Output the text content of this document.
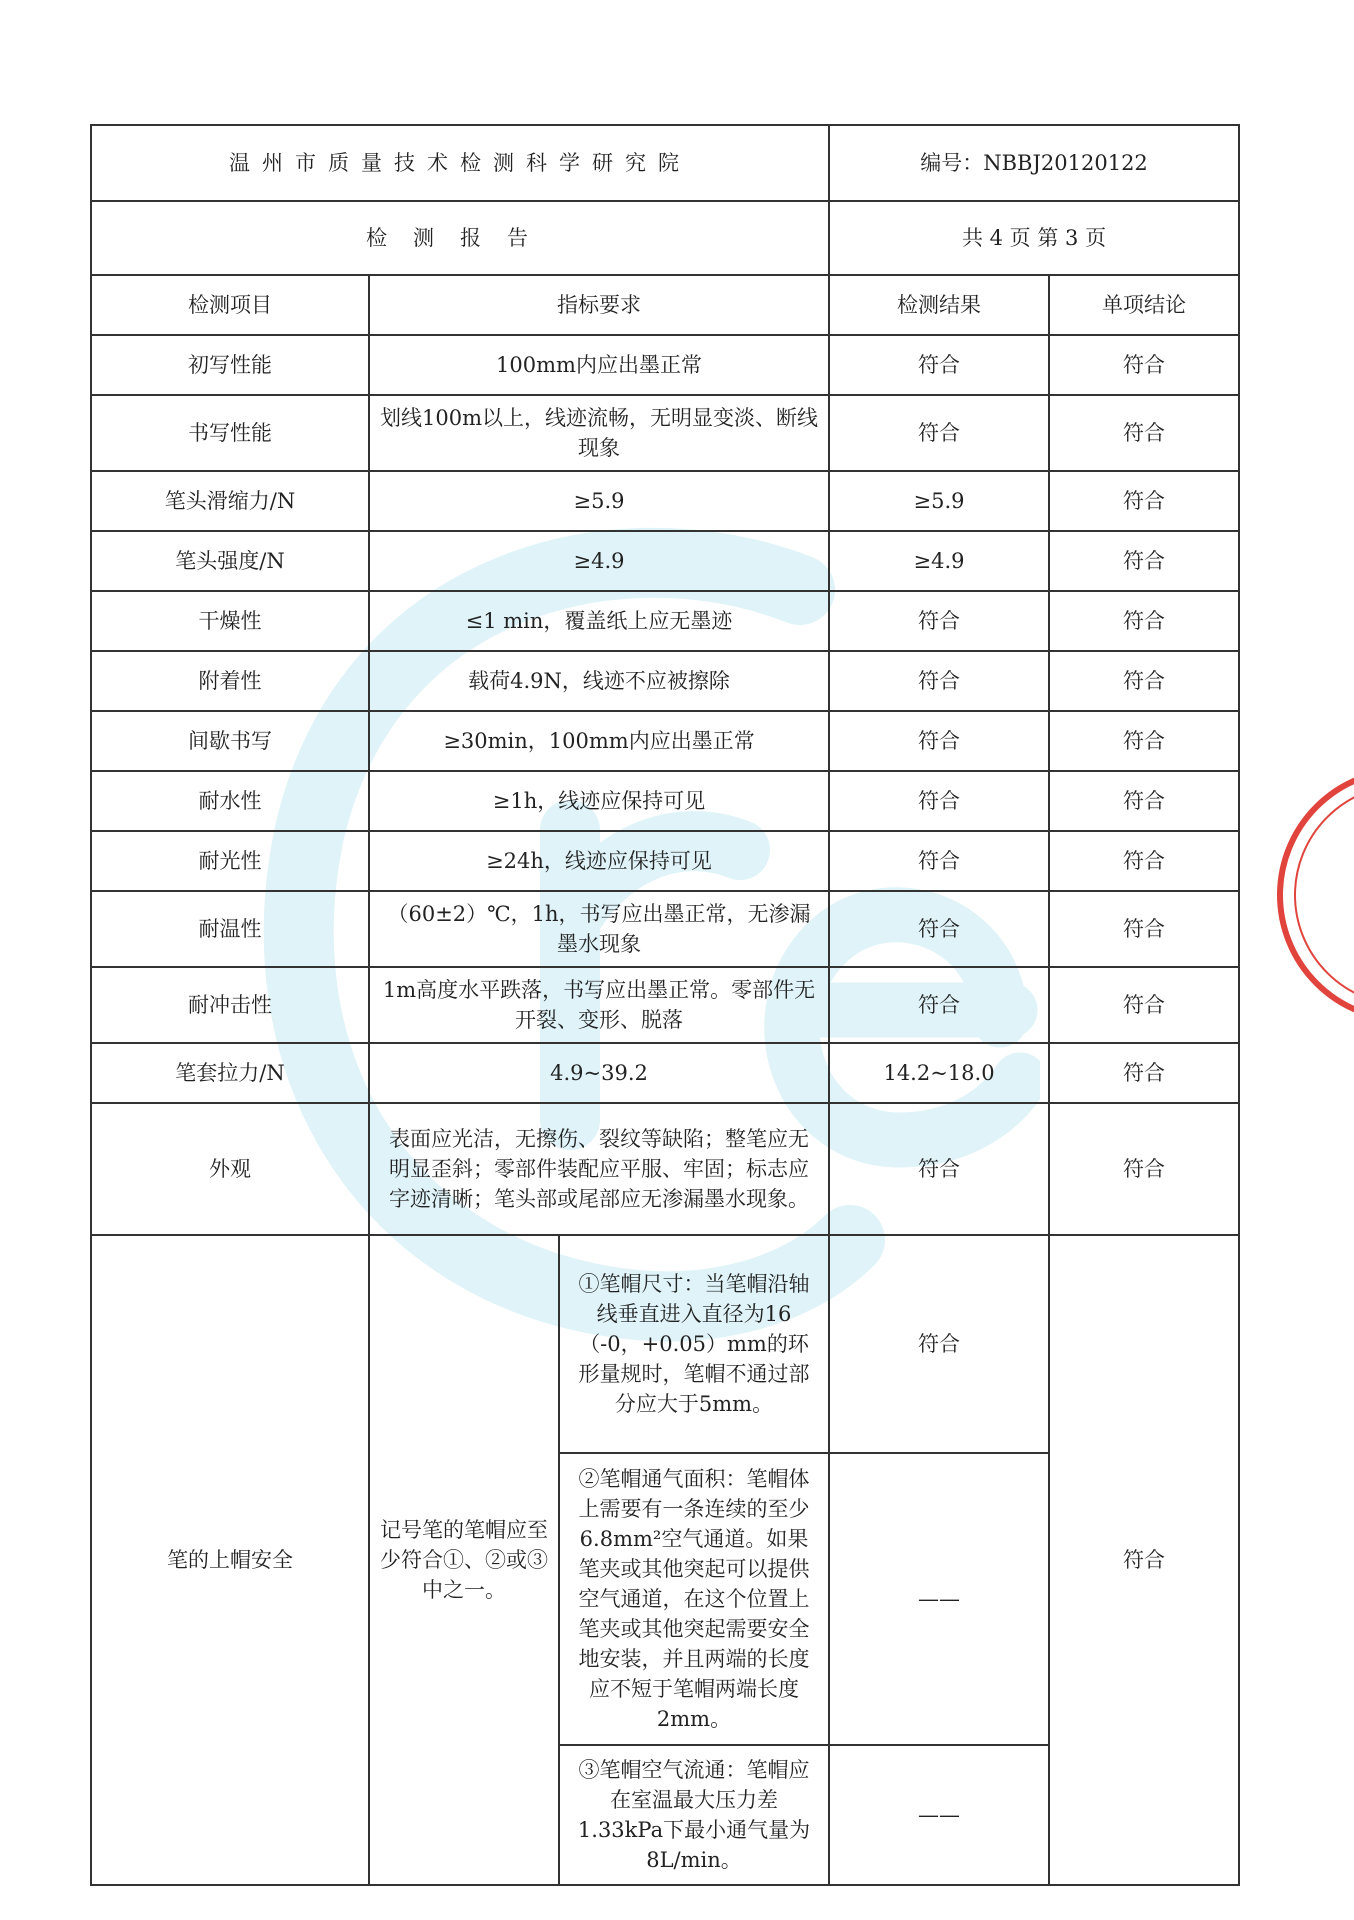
温州市质量技术检测科学研究院			编号：NBBJ20120122	
检测报告			共 4 页 第 3 页	
检测项目	指标要求		检测结果	单项结论
初写性能	100mm内应出墨正常		符合	符合
书写性能	划线100m以上，线迹流畅，无明显变淡、断线现象		符合	符合
笔头滑缩力/N	≥5.9		≥5.9	符合
笔头强度/N	≥4.9		≥4.9	符合
干燥性	≤1 min，覆盖纸上应无墨迹		符合	符合
附着性	载荷4.9N，线迹不应被擦除		符合	符合
间歇书写	≥30min，100mm内应出墨正常		符合	符合
耐水性	≥1h，线迹应保持可见		符合	符合
耐光性	≥24h，线迹应保持可见		符合	符合
耐温性	（60±2）℃，1h，书写应出墨正常，无渗漏墨水现象		符合	符合
耐冲击性	1m高度水平跌落，书写应出墨正常。零部件无开裂、变形、脱落		符合	符合
笔套拉力/N	4.9~39.2		14.2~18.0	符合
外观	表面应光洁，无擦伤、裂纹等缺陷；整笔应无明显歪斜；零部件装配应平服、牢固；标志应字迹清晰；笔头部或尾部应无渗漏墨水现象。		符合	符合
笔的上帽安全	记号笔的笔帽应至少符合①、②或③中之一。	①笔帽尺寸：当笔帽沿轴线垂直进入直径为16（-0，+0.05）mm的环形量规时，笔帽不通过部分应大于5mm。	符合	符合
		②笔帽通气面积：笔帽体上需要有一条连续的至少6.8mm²空气通道。如果笔夹或其他突起可以提供空气通道，在这个位置上笔夹或其他突起需要安全地安装，并且两端的长度应不短于笔帽两端长度2mm。	——	
		③笔帽空气流通：笔帽应在室温最大压力差1.33kPa下最小通气量为8L/min。	——	
